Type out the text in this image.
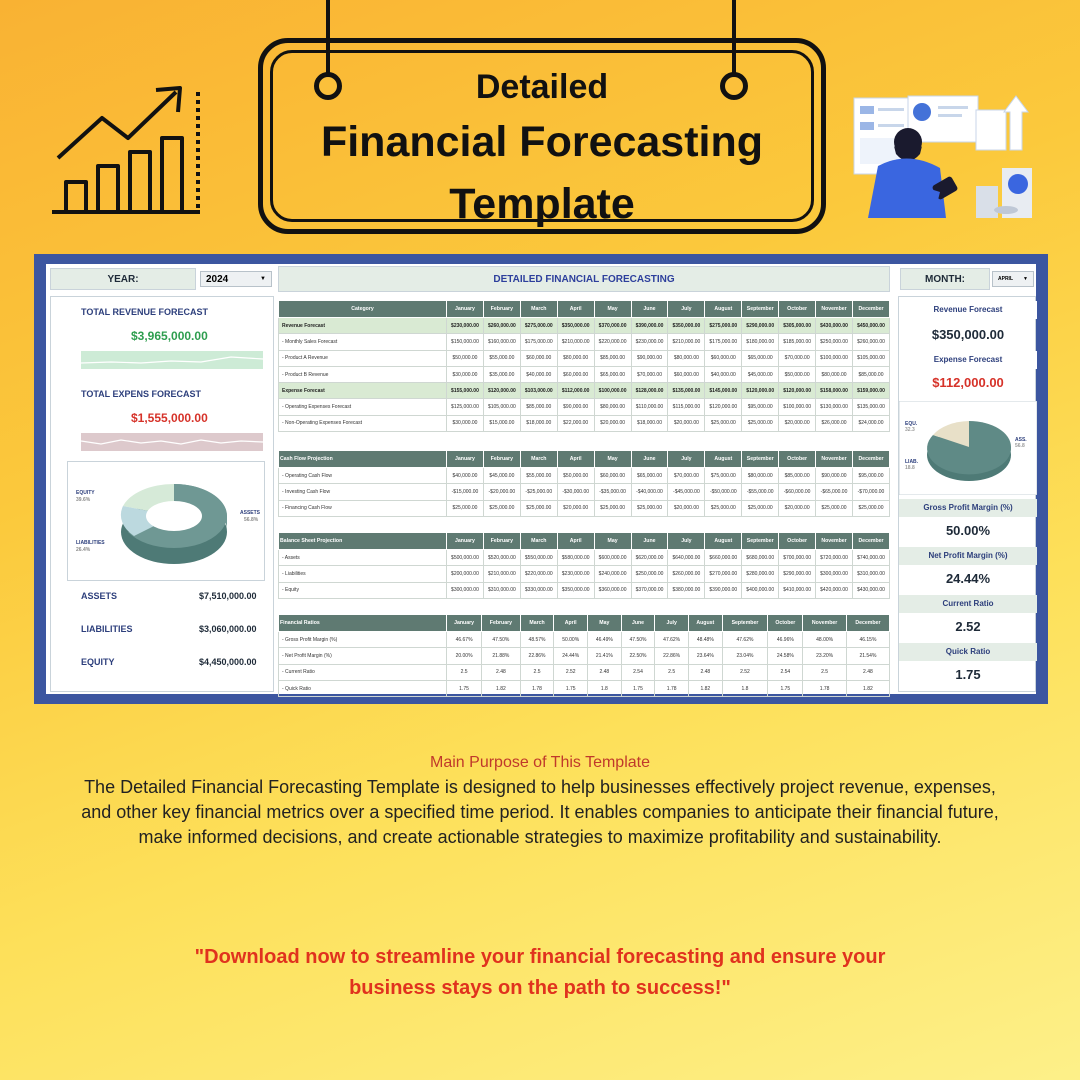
Detailed
Financial Forecasting
Template
YEAR:	2024	▼	DETAILED FINANCIAL FORECASTING	MONTH:	APRIL ▼
TOTAL REVENUE FORECAST
$3,965,000.00
TOTAL EXPENS FORECAST
$1,555,000.00
EQUITY
39.6%
ASSETS
56.8%
LIABILITIES
26.4%
ASSETS	$7,510,000.00
LIABILITIES	$3,060,000.00
EQUITY	$4,450,000.00
Category	January	February	March	April	May	June	July	August	September	October	November	December
Revenue Forecast	$230,000.00	$260,000.00	$275,000.00	$350,000.00	$370,000.00	$390,000.00	$350,000.00	$275,000.00	$290,000.00	$305,000.00	$430,000.00	$450,000.00
- Monthly Sales Forecast	$150,000.00	$160,000.00	$175,000.00	$210,000.00	$220,000.00	$230,000.00	$210,000.00	$175,000.00	$180,000.00	$185,000.00	$250,000.00	$260,000.00
- Product A Revenue	$50,000.00	$55,000.00	$60,000.00	$80,000.00	$85,000.00	$90,000.00	$80,000.00	$60,000.00	$65,000.00	$70,000.00	$100,000.00	$105,000.00
- Product B Revenue	$30,000.00	$35,000.00	$40,000.00	$60,000.00	$65,000.00	$70,000.00	$60,000.00	$40,000.00	$45,000.00	$50,000.00	$80,000.00	$85,000.00
Expense Forecast	$155,000.00	$120,000.00	$103,000.00	$112,000.00	$100,000.00	$128,000.00	$135,000.00	$145,000.00	$120,000.00	$120,000.00	$158,000.00	$159,000.00
- Operating Expenses Forecast	$125,000.00	$105,000.00	$85,000.00	$90,000.00	$80,000.00	$110,000.00	$115,000.00	$120,000.00	$95,000.00	$100,000.00	$130,000.00	$135,000.00
- Non-Operating Expenses Forecast	$30,000.00	$15,000.00	$18,000.00	$22,000.00	$20,000.00	$18,000.00	$20,000.00	$25,000.00	$25,000.00	$20,000.00	$26,000.00	$24,000.00
Cash Flow Projection	January	February	March	April	May	June	July	August	September	October	November	December
- Operating Cash Flow	$40,000.00	$45,000.00	$55,000.00	$50,000.00	$60,000.00	$65,000.00	$70,000.00	$75,000.00	$80,000.00	$85,000.00	$90,000.00	$95,000.00
- Investing Cash Flow	-$15,000.00	-$20,000.00	-$25,000.00	-$30,000.00	-$35,000.00	-$40,000.00	-$45,000.00	-$50,000.00	-$55,000.00	-$60,000.00	-$65,000.00	-$70,000.00
- Financing Cash Flow	$25,000.00	$25,000.00	$25,000.00	$20,000.00	$25,000.00	$25,000.00	$20,000.00	$25,000.00	$25,000.00	$20,000.00	$25,000.00	$25,000.00
Balance Sheet Projection	January	February	March	April	May	June	July	August	September	October	November	December
- Assets	$500,000.00	$520,000.00	$550,000.00	$580,000.00	$600,000.00	$620,000.00	$640,000.00	$660,000.00	$680,000.00	$700,000.00	$720,000.00	$740,000.00
- Liabilities	$200,000.00	$210,000.00	$220,000.00	$230,000.00	$240,000.00	$250,000.00	$260,000.00	$270,000.00	$280,000.00	$290,000.00	$300,000.00	$310,000.00
- Equity	$300,000.00	$310,000.00	$330,000.00	$350,000.00	$360,000.00	$370,000.00	$380,000.00	$390,000.00	$400,000.00	$410,000.00	$420,000.00	$430,000.00
Financial Ratios	January	February	March	April	May	June	July	August	September	October	November	December
- Gross Profit Margin (%)	46.67%	47.50%	48.57%	50.00%	46.49%	47.50%	47.62%	48.48%	47.62%	46.96%	48.00%	46.15%
- Net Profit Margin (%)	20.00%	21.88%	22.86%	24.44%	21.41%	22.50%	22.86%	23.64%	23.04%	24.58%	23.20%	21.54%
- Current Ratio	2.5	2.48	2.5	2.52	2.48	2.54	2.5	2.48	2.52	2.54	2.5	2.48
- Quick Ratio	1.75	1.82	1.78	1.75	1.8	1.75	1.78	1.82	1.8	1.75	1.78	1.82
Revenue Forecast
$350,000.00
Expense Forecast
$112,000.00
EQU.
32.3
ASS.
56.8
LIAB.
18.8
Gross Profit Margin (%)
50.00%
Net Profit Margin (%)
24.44%
Current Ratio
2.52
Quick Ratio
1.75
Main Purpose of This Template
The Detailed Financial Forecasting Template is designed to help businesses effectively project revenue, expenses, and other key financial metrics over a specified time period. It enables companies to anticipate their financial future, make informed decisions, and create actionable strategies to maximize profitability and sustainability.
"Download now to streamline your financial forecasting and ensure your
business stays on the path to success!"
